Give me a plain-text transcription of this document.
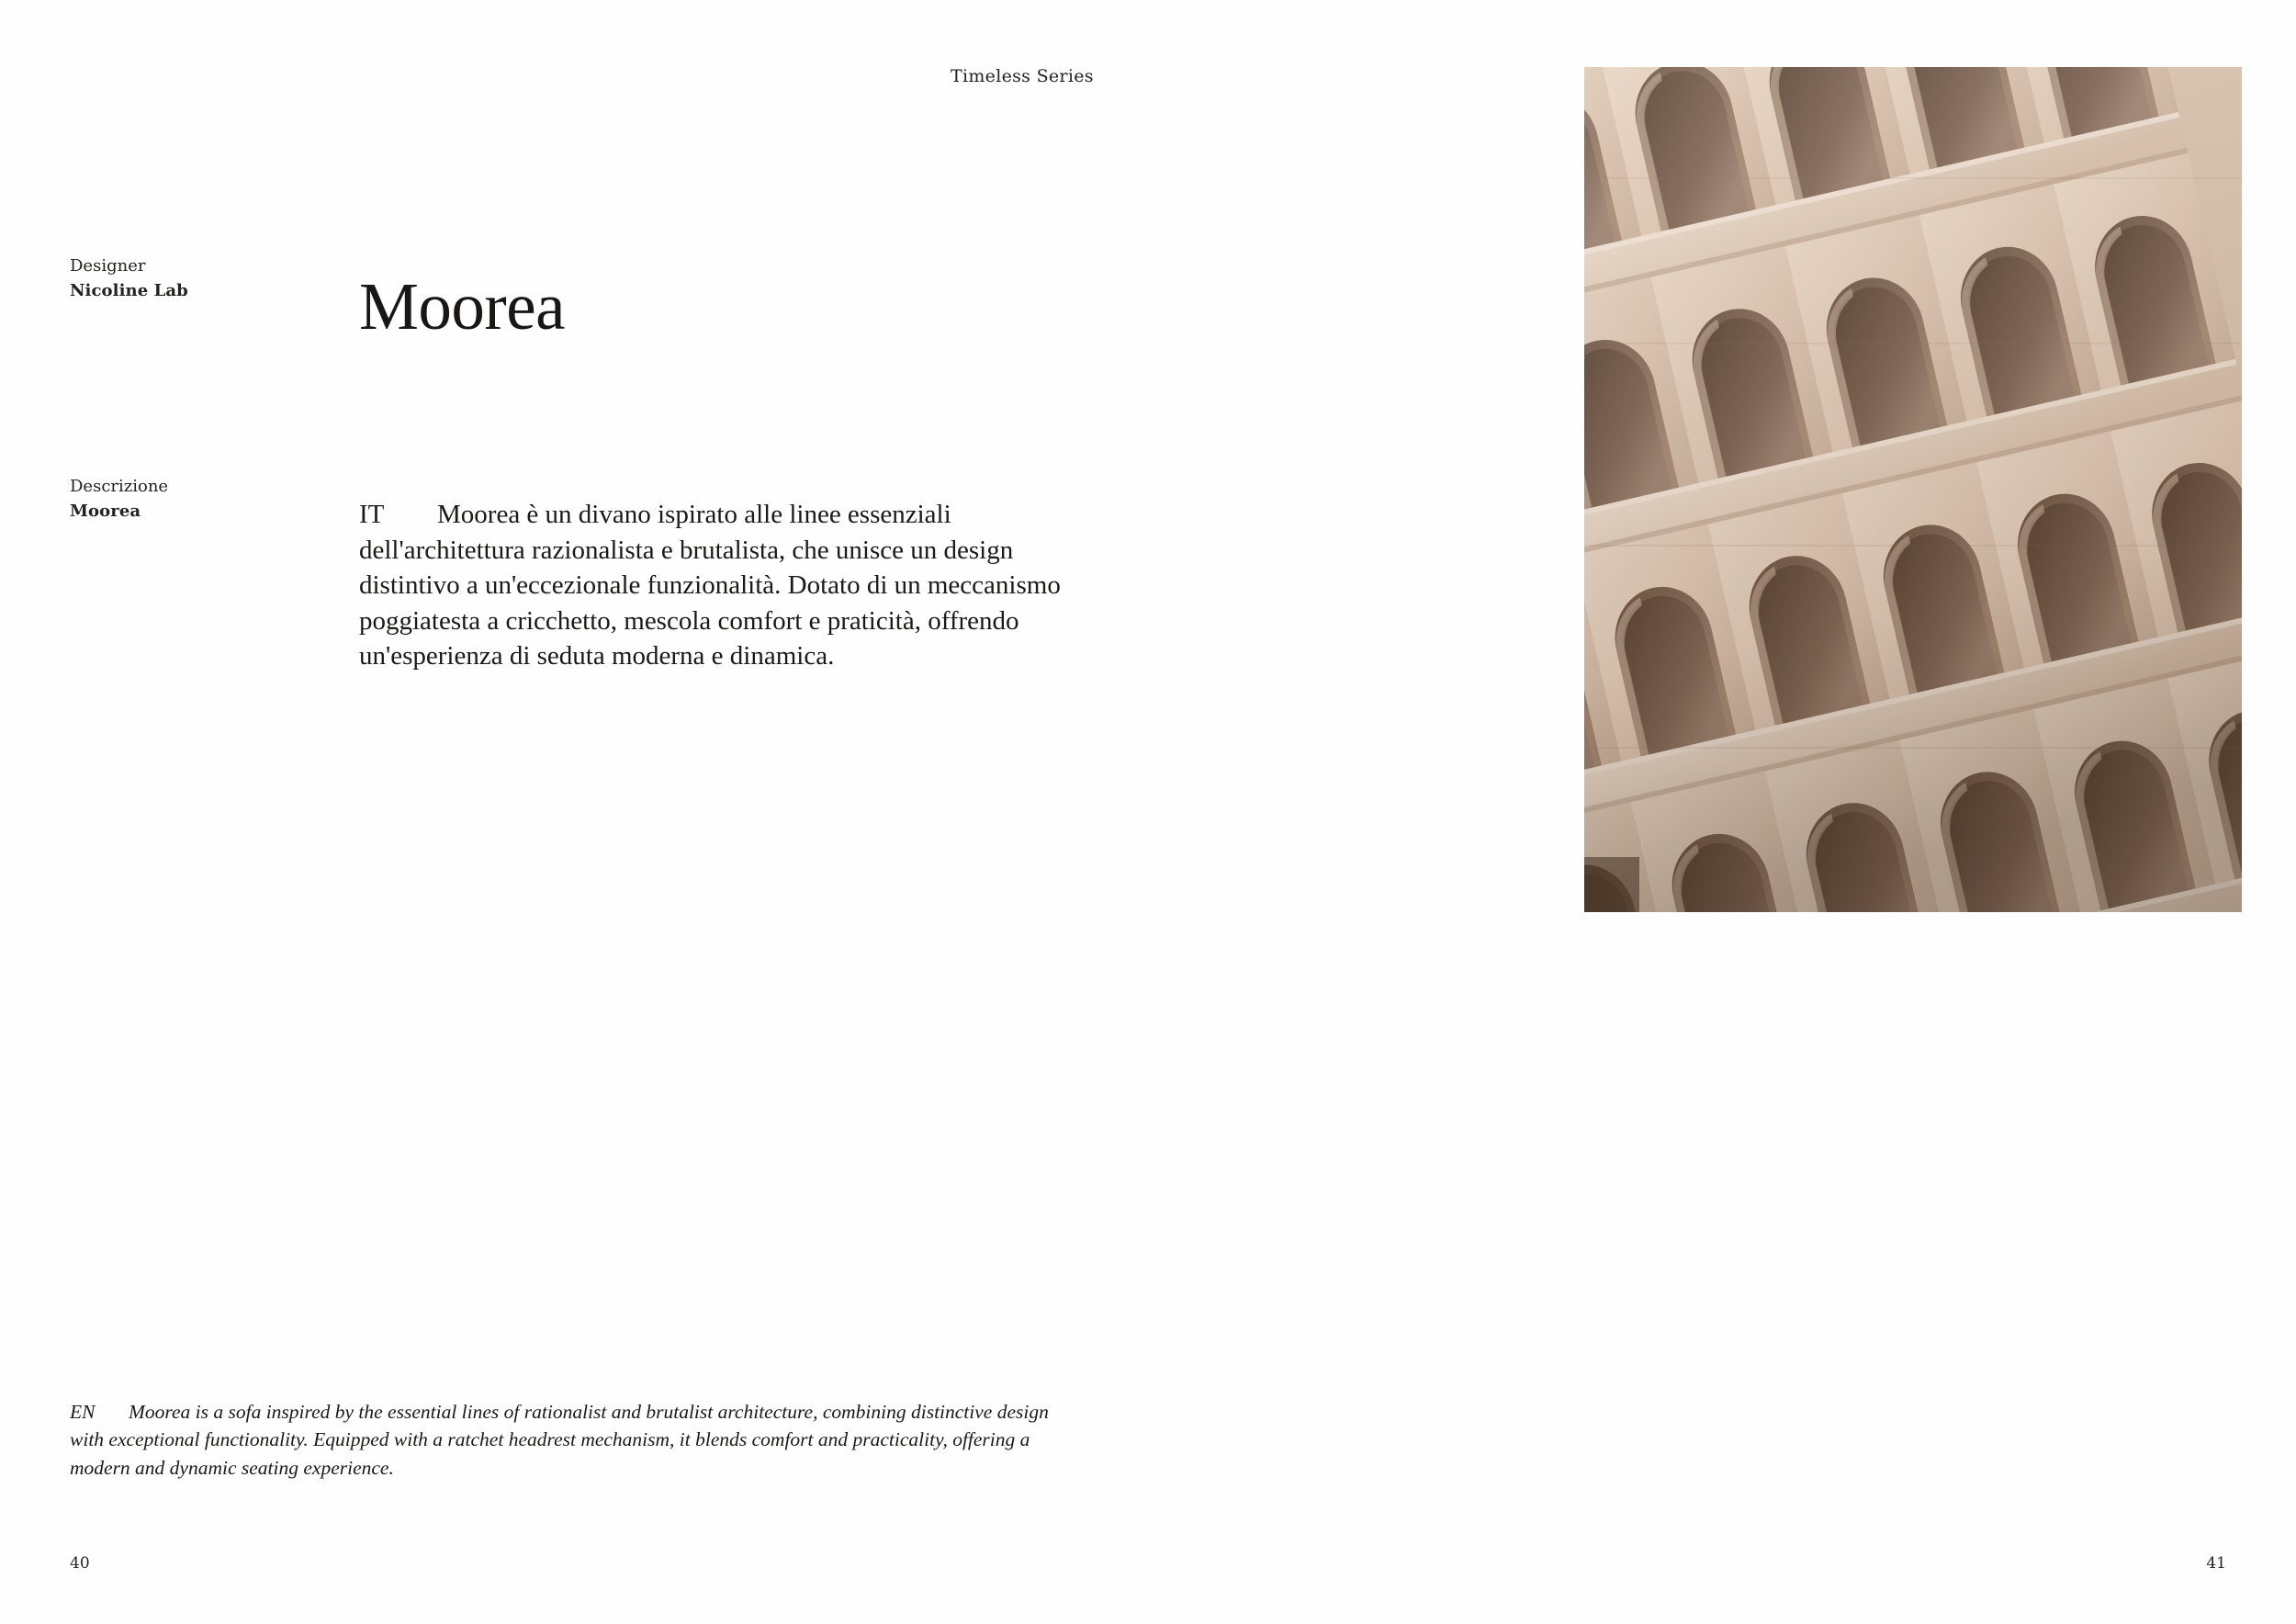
Timeless Series
Designer
Nicoline Lab
Descrizione
Moorea
Moorea

IT Moorea è un divano ispirato alle linee essenziali dell'architettura razionalista e brutalista, che unisce un design distintivo a un'eccezionale funzionalità. Dotato di un meccanismo poggiatesta a cricchetto, mescola comfort e praticità, offrendo un'esperienza di seduta moderna e dinamica.

EN Moorea is a sofa inspired by the essential lines of rationalist and brutalist architecture, combining distinctive design with exceptional functionality. Equipped with a ratchet headrest mechanism, it blends comfort and practicality, offering a modern and dynamic seating experience.

40	41
